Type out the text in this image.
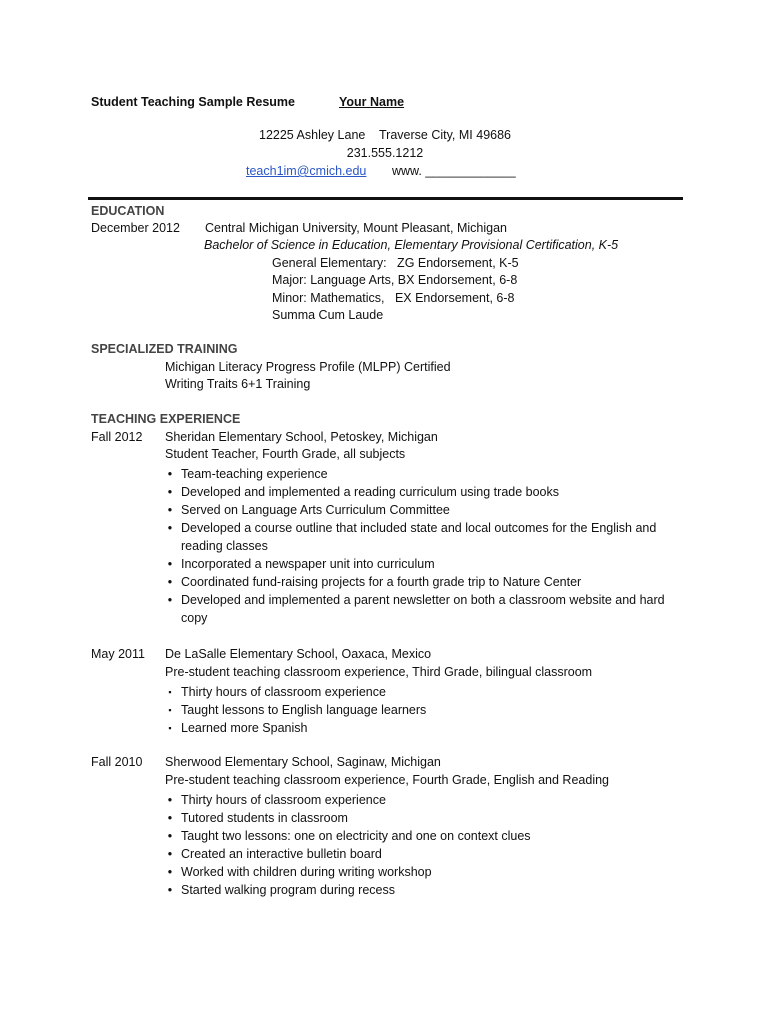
Student Teaching Sample Resume	Your Name
12225 Ashley Lane    Traverse City, MI 49686
231.555.1212
teach1im@cmich.edu www. _____________
EDUCATION
December 2012 Central Michigan University, Mount Pleasant, Michigan
Bachelor of Science in Education, Elementary Provisional Certification, K-5
General Elementary:   ZG Endorsement, K-5
Major: Language Arts, BX Endorsement, 6-8
Minor: Mathematics,   EX Endorsement, 6-8
Summa Cum Laude
SPECIALIZED TRAINING
Michigan Literacy Progress Profile (MLPP) Certified
Writing Traits 6+1 Training
TEACHING EXPERIENCE
Fall 2012 Sheridan Elementary School, Petoskey, Michigan
Student Teacher, Fourth Grade, all subjects
• Team-teaching experience
• Developed and implemented a reading curriculum using trade books
• Served on Language Arts Curriculum Committee
• Developed a course outline that included state and local outcomes for the English and reading classes
• Incorporated a newspaper unit into curriculum
• Coordinated fund-raising projects for a fourth grade trip to Nature Center
• Developed and implemented a parent newsletter on both a classroom website and hard copy
May 2011 De LaSalle Elementary School, Oaxaca, Mexico
Pre-student teaching classroom experience, Third Grade, bilingual classroom
▪ Thirty hours of classroom experience
▪ Taught lessons to English language learners
▪ Learned more Spanish
Fall 2010 Sherwood Elementary School, Saginaw, Michigan
Pre-student teaching classroom experience, Fourth Grade, English and Reading
• Thirty hours of classroom experience
• Tutored students in classroom
• Taught two lessons: one on electricity and one on context clues
• Created an interactive bulletin board
• Worked with children during writing workshop
• Started walking program during recess
